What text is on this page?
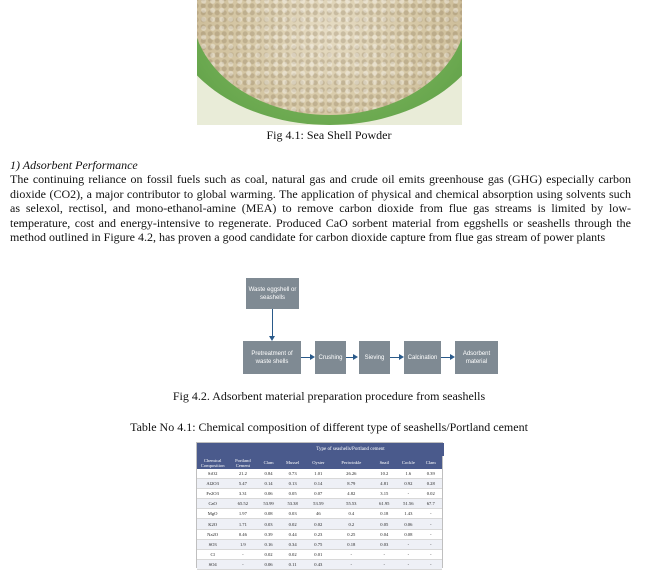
Fig 4.1: Sea Shell Powder
1) Adsorbent Performance
The continuing reliance on fossil fuels such as coal, natural gas and crude oil emits greenhouse gas (GHG) especially carbon dioxide (CO2), a major contributor to global warming. The application of physical and chemical absorption using solvents such as selexol, rectisol, and mono-ethanol-amine (MEA) to remove carbon dioxide from flue gas streams is limited by low-temperature, cost and energy-intensive to regenerate. Produced CaO sorbent material from eggshells or seashells through the method outlined in Figure 4.2, has proven a good candidate for carbon dioxide capture from flue gas stream of power plants
Waste eggshell or seashells
Pretreatment of waste shells
Crushing	Sieving	Calcination
Adsorbent material
Fig 4.2. Adsorbent material preparation procedure from seashells
Table No 4.1: Chemical composition of different type of seashells/Portland cement
Type of seashells/Portland cement
Chemical Composition	Portland Cement	Clam	Mussel	Oyster	Periwinkle	Snail	Cockle	Clam
SiO2	21.2	0.84	0.73	1.01	26.26	10.2	1.6	0.39
Al2O3	5.47	0.14	0.13	0.14	8.79	4.81	0.92	0.28
Fe2O3	3.31	0.06	0.05	0.07	4.82	3.15	-	0.02
CaO	65.52	53.99	53.38	53.59	55.53	61.95	51.56	67.7
MgO	1.97	0.08	0.03	46	0.4	0.18	1.43	-
K2O	1.71	0.03	0.02	0.02	0.2	0.05	0.06	-
Na2O	0.46	0.39	0.44	0.23	0.25	0.04	0.08	-
SO3	1.9	0.16	0.34	0.75	0.18	0.03	-	-
Cl	-	0.02	0.02	0.01	-	-	-	-
SO4	-	0.06	0.11	0.43	-	-	-	-
